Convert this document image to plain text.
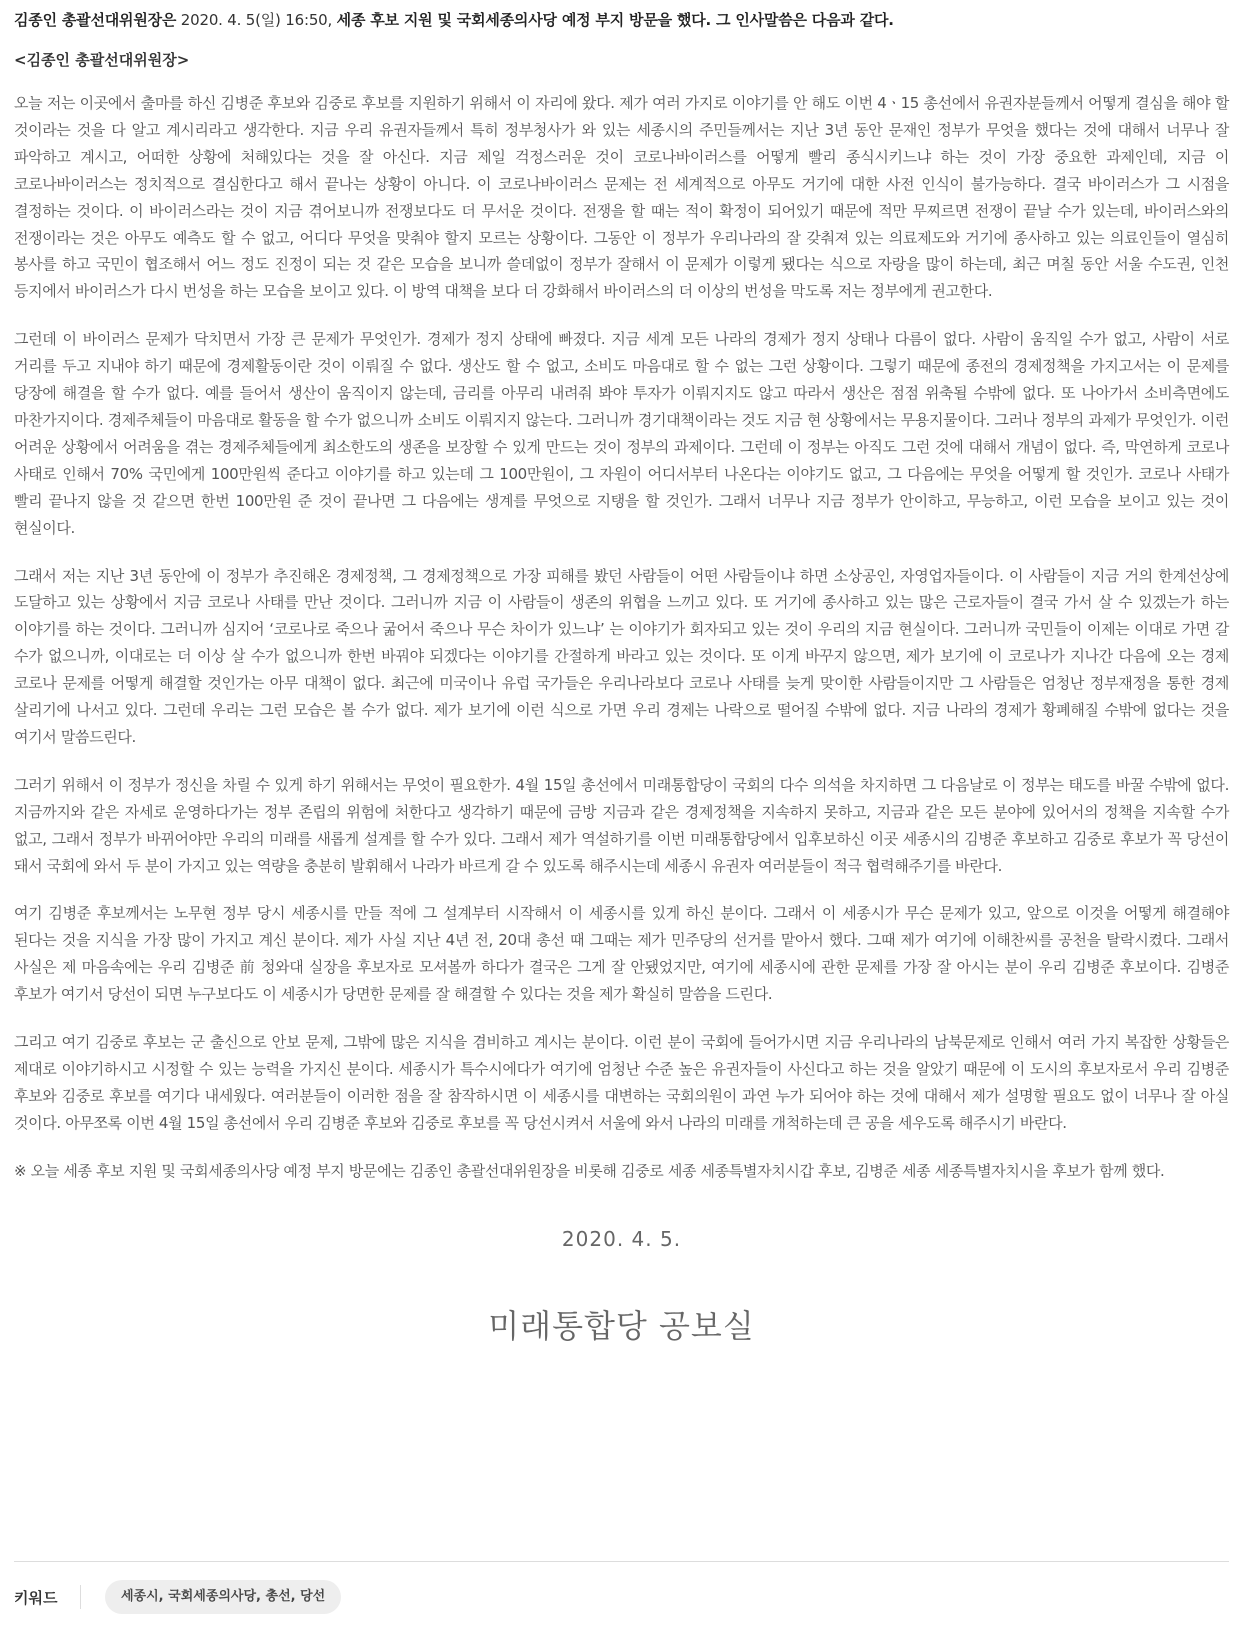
김종인 총괄선대위원장은 2020. 4. 5(일) 16:50, 세종 후보 지원 및 국회세종의사당 예정 부지 방문을 했다. 그 인사말씀은 다음과 같다.

<김종인 총괄선대위원장>

오늘 저는 이곳에서 출마를 하신 김병준 후보와 김중로 후보를 지원하기 위해서 이 자리에 왔다. 제가 여러 가지로 이야기를 안 해도 이번 4ㆍ15 총선에서 유권자분들께서 어떻게 결심을 해야 할 것이라는 것을 다 알고 계시리라고 생각한다. 지금 우리 유권자들께서 특히 정부청사가 와 있는 세종시의 주민들께서는 지난 3년 동안 문재인 정부가 무엇을 했다는 것에 대해서 너무나 잘 파악하고 계시고, 어떠한 상황에 처해있다는 것을 잘 아신다. 지금 제일 걱정스러운 것이 코로나바이러스를 어떻게 빨리 종식시키느냐 하는 것이 가장 중요한 과제인데, 지금 이 코로나바이러스는 정치적으로 결심한다고 해서 끝나는 상황이 아니다. 이 코로나바이러스 문제는 전 세계적으로 아무도 거기에 대한 사전 인식이 불가능하다. 결국 바이러스가 그 시점을 결정하는 것이다. 이 바이러스라는 것이 지금 겪어보니까 전쟁보다도 더 무서운 것이다. 전쟁을 할 때는 적이 확정이 되어있기 때문에 적만 무찌르면 전쟁이 끝날 수가 있는데, 바이러스와의 전쟁이라는 것은 아무도 예측도 할 수 없고, 어디다 무엇을 맞춰야 할지 모르는 상황이다. 그동안 이 정부가 우리나라의 잘 갖춰져 있는 의료제도와 거기에 종사하고 있는 의료인들이 열심히 봉사를 하고 국민이 협조해서 어느 정도 진정이 되는 것 같은 모습을 보니까 쓸데없이 정부가 잘해서 이 문제가 이렇게 됐다는 식으로 자랑을 많이 하는데, 최근 며칠 동안 서울 수도권, 인천 등지에서 바이러스가 다시 번성을 하는 모습을 보이고 있다. 이 방역 대책을 보다 더 강화해서 바이러스의 더 이상의 번성을 막도록 저는 정부에게 권고한다.

그런데 이 바이러스 문제가 닥치면서 가장 큰 문제가 무엇인가. 경제가 정지 상태에 빠졌다. 지금 세계 모든 나라의 경제가 정지 상태나 다름이 없다. 사람이 움직일 수가 없고, 사람이 서로 거리를 두고 지내야 하기 때문에 경제활동이란 것이 이뤄질 수 없다. 생산도 할 수 없고, 소비도 마음대로 할 수 없는 그런 상황이다. 그렇기 때문에 종전의 경제정책을 가지고서는 이 문제를 당장에 해결을 할 수가 없다. 예를 들어서 생산이 움직이지 않는데, 금리를 아무리 내려줘 봐야 투자가 이뤄지지도 않고 따라서 생산은 점점 위축될 수밖에 없다. 또 나아가서 소비측면에도 마찬가지이다. 경제주체들이 마음대로 활동을 할 수가 없으니까 소비도 이뤄지지 않는다. 그러니까 경기대책이라는 것도 지금 현 상황에서는 무용지물이다. 그러나 정부의 과제가 무엇인가. 이런 어려운 상황에서 어려움을 겪는 경제주체들에게 최소한도의 생존을 보장할 수 있게 만드는 것이 정부의 과제이다. 그런데 이 정부는 아직도 그런 것에 대해서 개념이 없다. 즉, 막연하게 코로나 사태로 인해서 70% 국민에게 100만원씩 준다고 이야기를 하고 있는데 그 100만원이, 그 자원이 어디서부터 나온다는 이야기도 없고, 그 다음에는 무엇을 어떻게 할 것인가. 코로나 사태가 빨리 끝나지 않을 것 같으면 한번 100만원 준 것이 끝나면 그 다음에는 생계를 무엇으로 지탱을 할 것인가. 그래서 너무나 지금 정부가 안이하고, 무능하고, 이런 모습을 보이고 있는 것이 현실이다.

그래서 저는 지난 3년 동안에 이 정부가 추진해온 경제정책, 그 경제정책으로 가장 피해를 봤던 사람들이 어떤 사람들이냐 하면 소상공인, 자영업자들이다. 이 사람들이 지금 거의 한계선상에 도달하고 있는 상황에서 지금 코로나 사태를 만난 것이다. 그러니까 지금 이 사람들이 생존의 위협을 느끼고 있다. 또 거기에 종사하고 있는 많은 근로자들이 결국 가서 살 수 있겠는가 하는 이야기를 하는 것이다. 그러니까 심지어 ‘코로나로 죽으나 굶어서 죽으나 무슨 차이가 있느냐’ 는 이야기가 회자되고 있는 것이 우리의 지금 현실이다. 그러니까 국민들이 이제는 이대로 가면 갈 수가 없으니까, 이대로는 더 이상 살 수가 없으니까 한번 바꿔야 되겠다는 이야기를 간절하게 바라고 있는 것이다. 또 이게 바꾸지 않으면, 제가 보기에 이 코로나가 지나간 다음에 오는 경제 코로나 문제를 어떻게 해결할 것인가는 아무 대책이 없다. 최근에 미국이나 유럽 국가들은 우리나라보다 코로나 사태를 늦게 맞이한 사람들이지만 그 사람들은 엄청난 정부재정을 통한 경제 살리기에 나서고 있다. 그런데 우리는 그런 모습은 볼 수가 없다. 제가 보기에 이런 식으로 가면 우리 경제는 나락으로 떨어질 수밖에 없다. 지금 나라의 경제가 황폐해질 수밖에 없다는 것을 여기서 말씀드린다.

그러기 위해서 이 정부가 정신을 차릴 수 있게 하기 위해서는 무엇이 필요한가. 4월 15일 총선에서 미래통합당이 국회의 다수 의석을 차지하면 그 다음날로 이 정부는 태도를 바꿀 수밖에 없다. 지금까지와 같은 자세로 운영하다가는 정부 존립의 위험에 처한다고 생각하기 때문에 금방 지금과 같은 경제정책을 지속하지 못하고, 지금과 같은 모든 분야에 있어서의 정책을 지속할 수가 없고, 그래서 정부가 바뀌어야만 우리의 미래를 새롭게 설계를 할 수가 있다. 그래서 제가 역설하기를 이번 미래통합당에서 입후보하신 이곳 세종시의 김병준 후보하고 김중로 후보가 꼭 당선이 돼서 국회에 와서 두 분이 가지고 있는 역량을 충분히 발휘해서 나라가 바르게 갈 수 있도록 해주시는데 세종시 유권자 여러분들이 적극 협력해주기를 바란다.

여기 김병준 후보께서는 노무현 정부 당시 세종시를 만들 적에 그 설계부터 시작해서 이 세종시를 있게 하신 분이다. 그래서 이 세종시가 무슨 문제가 있고, 앞으로 이것을 어떻게 해결해야 된다는 것을 지식을 가장 많이 가지고 계신 분이다. 제가 사실 지난 4년 전, 20대 총선 때 그때는 제가 민주당의 선거를 맡아서 했다. 그때 제가 여기에 이해찬씨를 공천을 탈락시켰다. 그래서 사실은 제 마음속에는 우리 김병준 前 청와대 실장을 후보자로 모셔볼까 하다가 결국은 그게 잘 안됐었지만, 여기에 세종시에 관한 문제를 가장 잘 아시는 분이 우리 김병준 후보이다. 김병준 후보가 여기서 당선이 되면 누구보다도 이 세종시가 당면한 문제를 잘 해결할 수 있다는 것을 제가 확실히 말씀을 드린다.

그리고 여기 김중로 후보는 군 출신으로 안보 문제, 그밖에 많은 지식을 겸비하고 계시는 분이다. 이런 분이 국회에 들어가시면 지금 우리나라의 남북문제로 인해서 여러 가지 복잡한 상황들은 제대로 이야기하시고 시정할 수 있는 능력을 가지신 분이다. 세종시가 특수시에다가 여기에 엄청난 수준 높은 유권자들이 사신다고 하는 것을 알았기 때문에 이 도시의 후보자로서 우리 김병준 후보와 김중로 후보를 여기다 내세웠다. 여러분들이 이러한 점을 잘 참작하시면 이 세종시를 대변하는 국회의원이 과연 누가 되어야 하는 것에 대해서 제가 설명할 필요도 없이 너무나 잘 아실 것이다. 아무쪼록 이번 4월 15일 총선에서 우리 김병준 후보와 김중로 후보를 꼭 당선시켜서 서울에 와서 나라의 미래를 개척하는데 큰 공을 세우도록 해주시기 바란다.

※ 오늘 세종 후보 지원 및 국회세종의사당 예정 부지 방문에는 김종인 총괄선대위원장을 비롯해 김중로 세종 세종특별자치시갑 후보, 김병준 세종 세종특별자치시을 후보가 함께 했다.

2020. 4. 5.
미래통합당 공보실
키워드	세종시, 국회세종의사당, 총선, 당선
